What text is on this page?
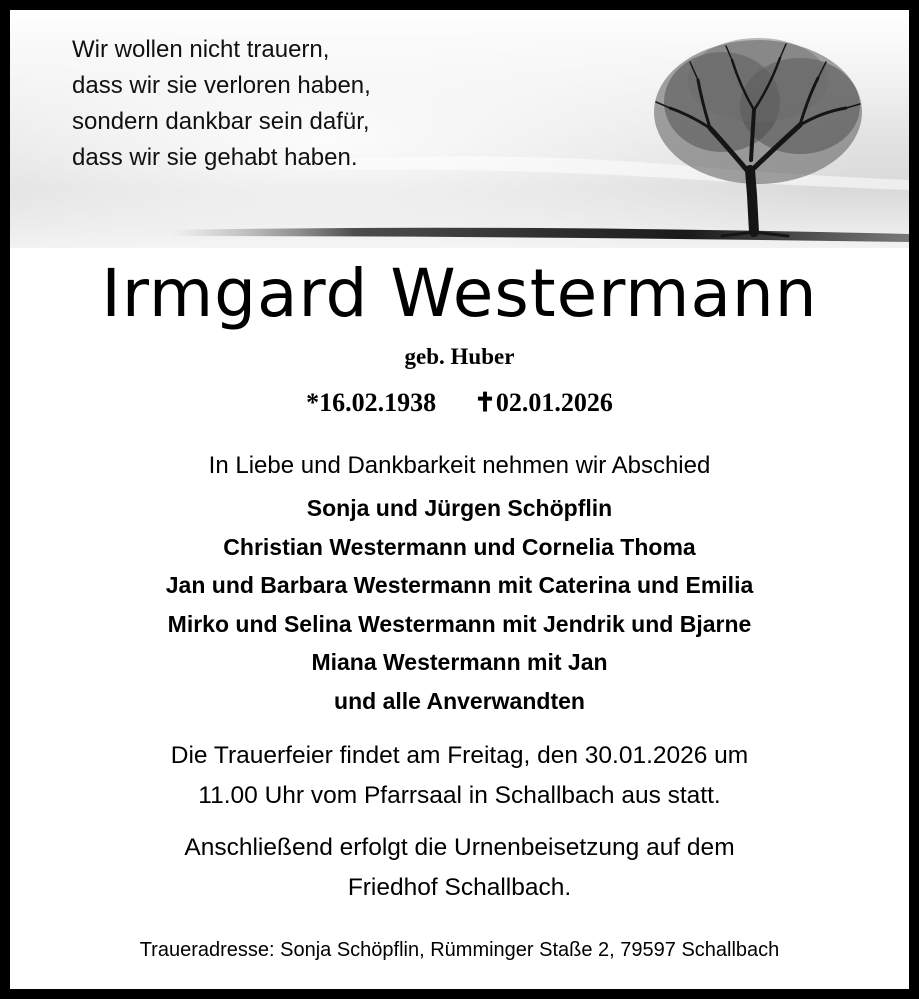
Wir wollen nicht trauern,
dass wir sie verloren haben,
sondern dankbar sein dafür,
dass wir sie gehabt haben.
Irmgard Westermann
geb. Huber
*16.02.1938 ✝02.01.2026
In Liebe und Dankbarkeit nehmen wir Abschied
Sonja und Jürgen Schöpflin
Christian Westermann und Cornelia Thoma
Jan und Barbara Westermann mit Caterina und Emilia
Mirko und Selina Westermann mit Jendrik und Bjarne
Miana Westermann mit Jan
und alle Anverwandten
Die Trauerfeier findet am Freitag, den 30.01.2026 um
11.00 Uhr vom Pfarrsaal in Schallbach aus statt.
Anschließend erfolgt die Urnenbeisetzung auf dem
Friedhof Schallbach.
Traueradresse: Sonja Schöpflin, Rümminger Staße 2, 79597 Schallbach
